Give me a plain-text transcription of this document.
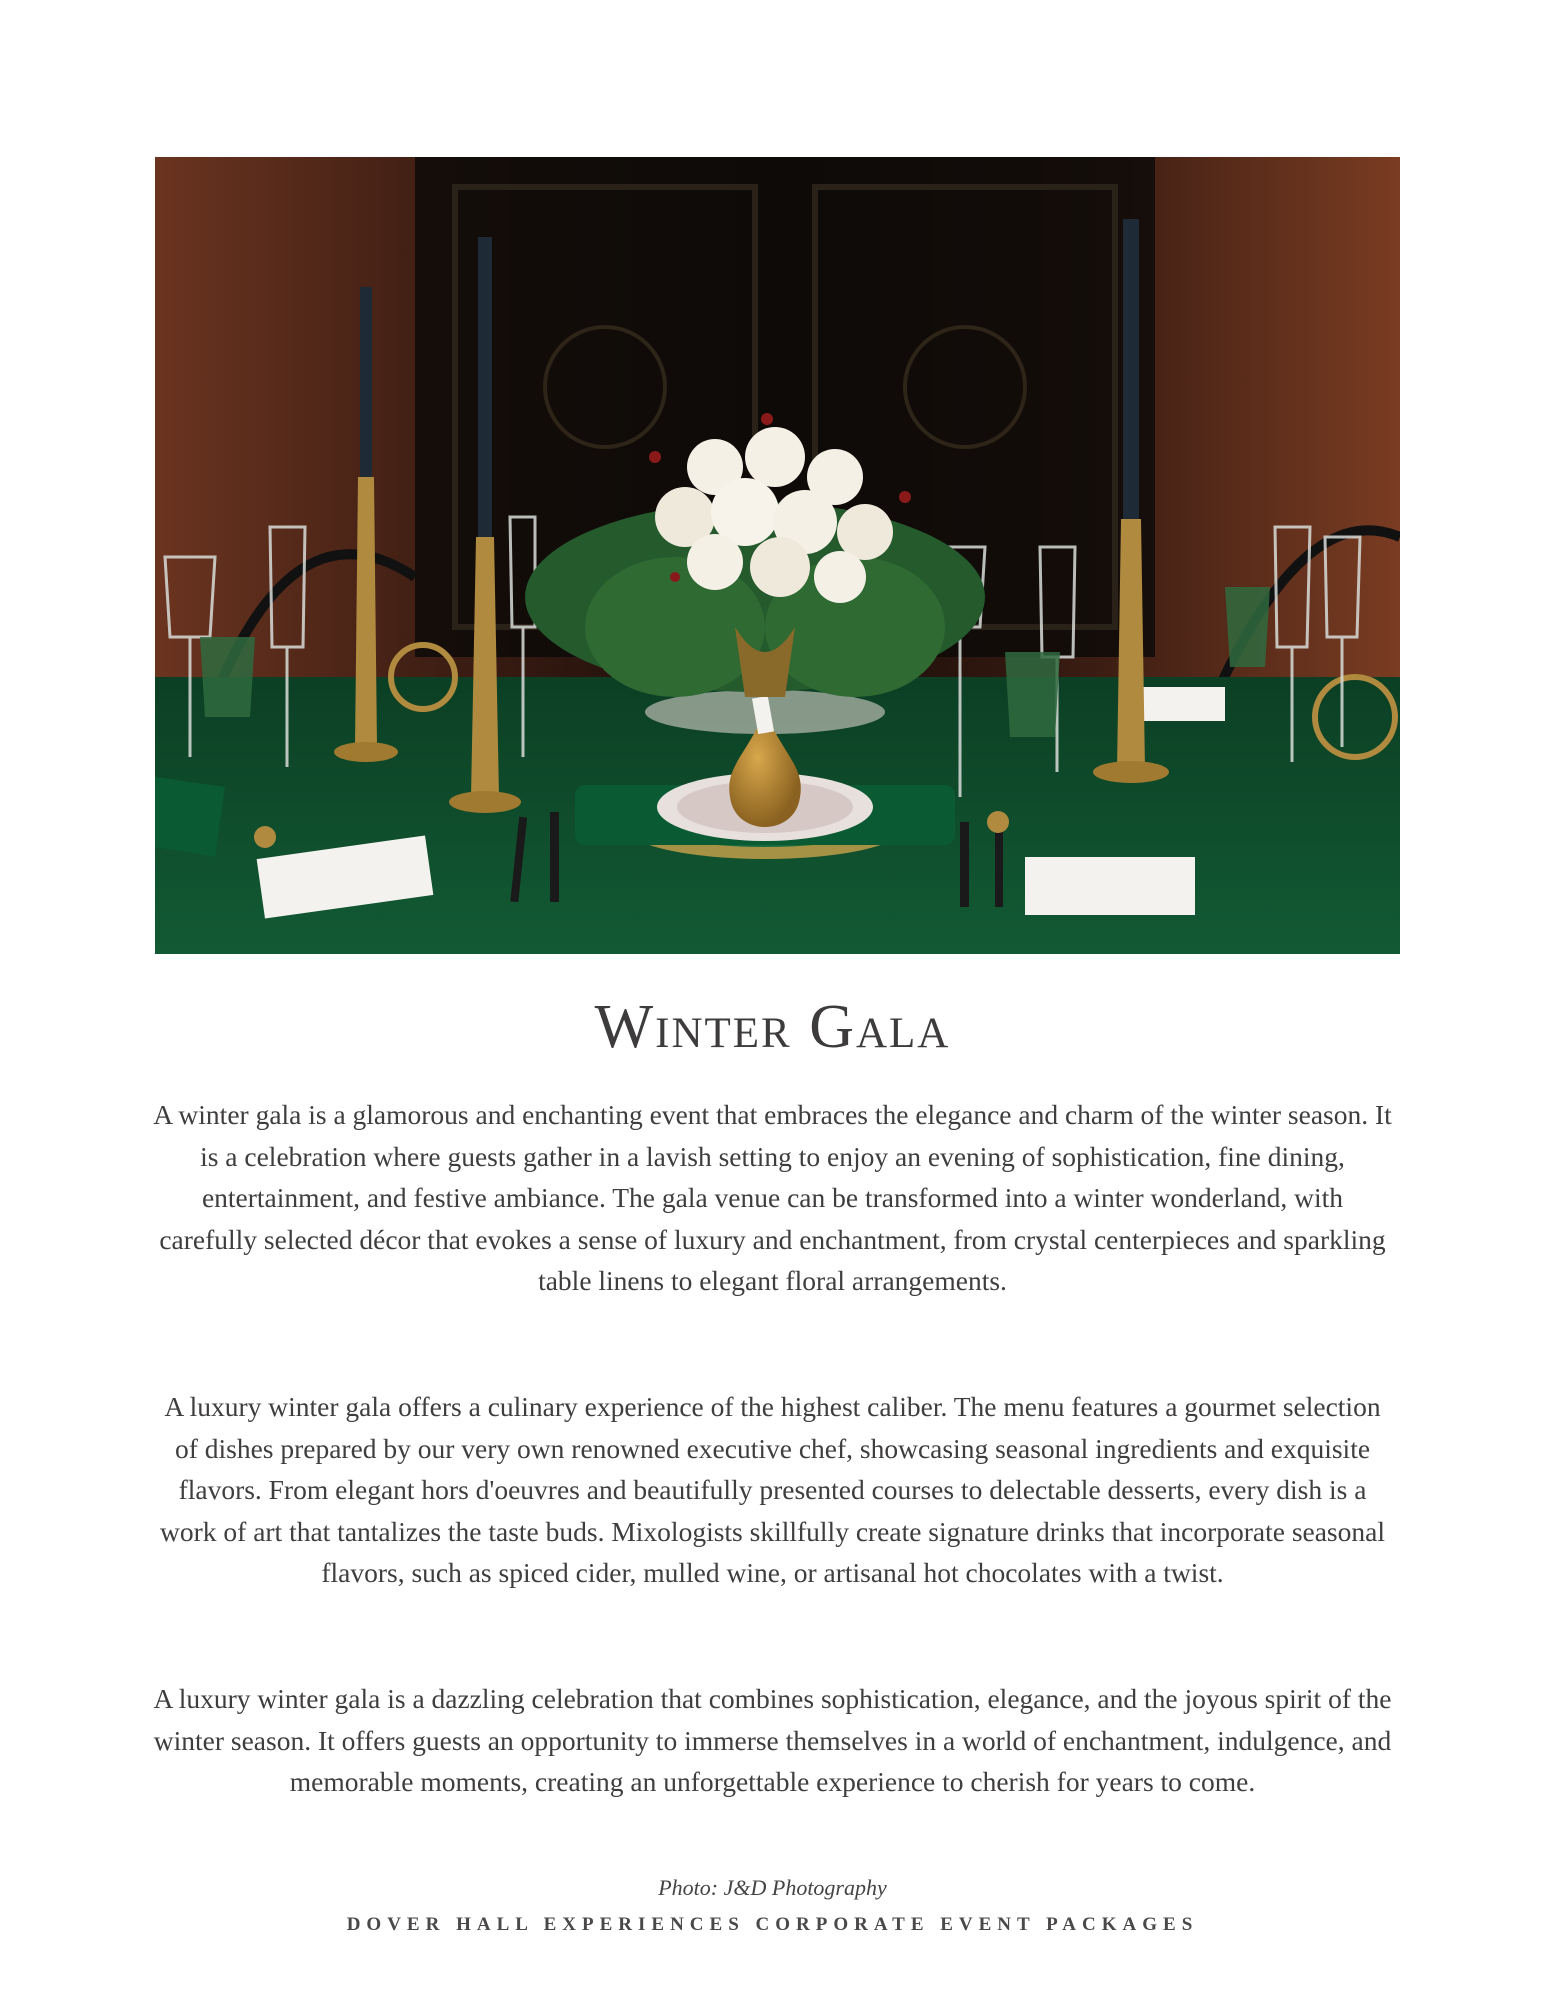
Winter Gala

A winter gala is a glamorous and enchanting event that embraces the elegance and charm of the winter season. It is a celebration where guests gather in a lavish setting to enjoy an evening of sophistication, fine dining, entertainment, and festive ambiance. The gala venue can be transformed into a winter wonderland, with carefully selected décor that evokes a sense of luxury and enchantment, from crystal centerpieces and sparkling table linens to elegant floral arrangements.

A luxury winter gala offers a culinary experience of the highest caliber. The menu features a gourmet selection of dishes prepared by our very own renowned executive chef, showcasing seasonal ingredients and exquisite flavors. From elegant hors d'oeuvres and beautifully presented courses to delectable desserts, every dish is a work of art that tantalizes the taste buds. Mixologists skillfully create signature drinks that incorporate seasonal flavors, such as spiced cider, mulled wine, or artisanal hot chocolates with a twist.

A luxury winter gala is a dazzling celebration that combines sophistication, elegance, and the joyous spirit of the winter season. It offers guests an opportunity to immerse themselves in a world of enchantment, indulgence, and memorable moments, creating an unforgettable experience to cherish for years to come.

Photo: J&D Photography
DOVER HALL EXPERIENCES CORPORATE EVENT PACKAGES
